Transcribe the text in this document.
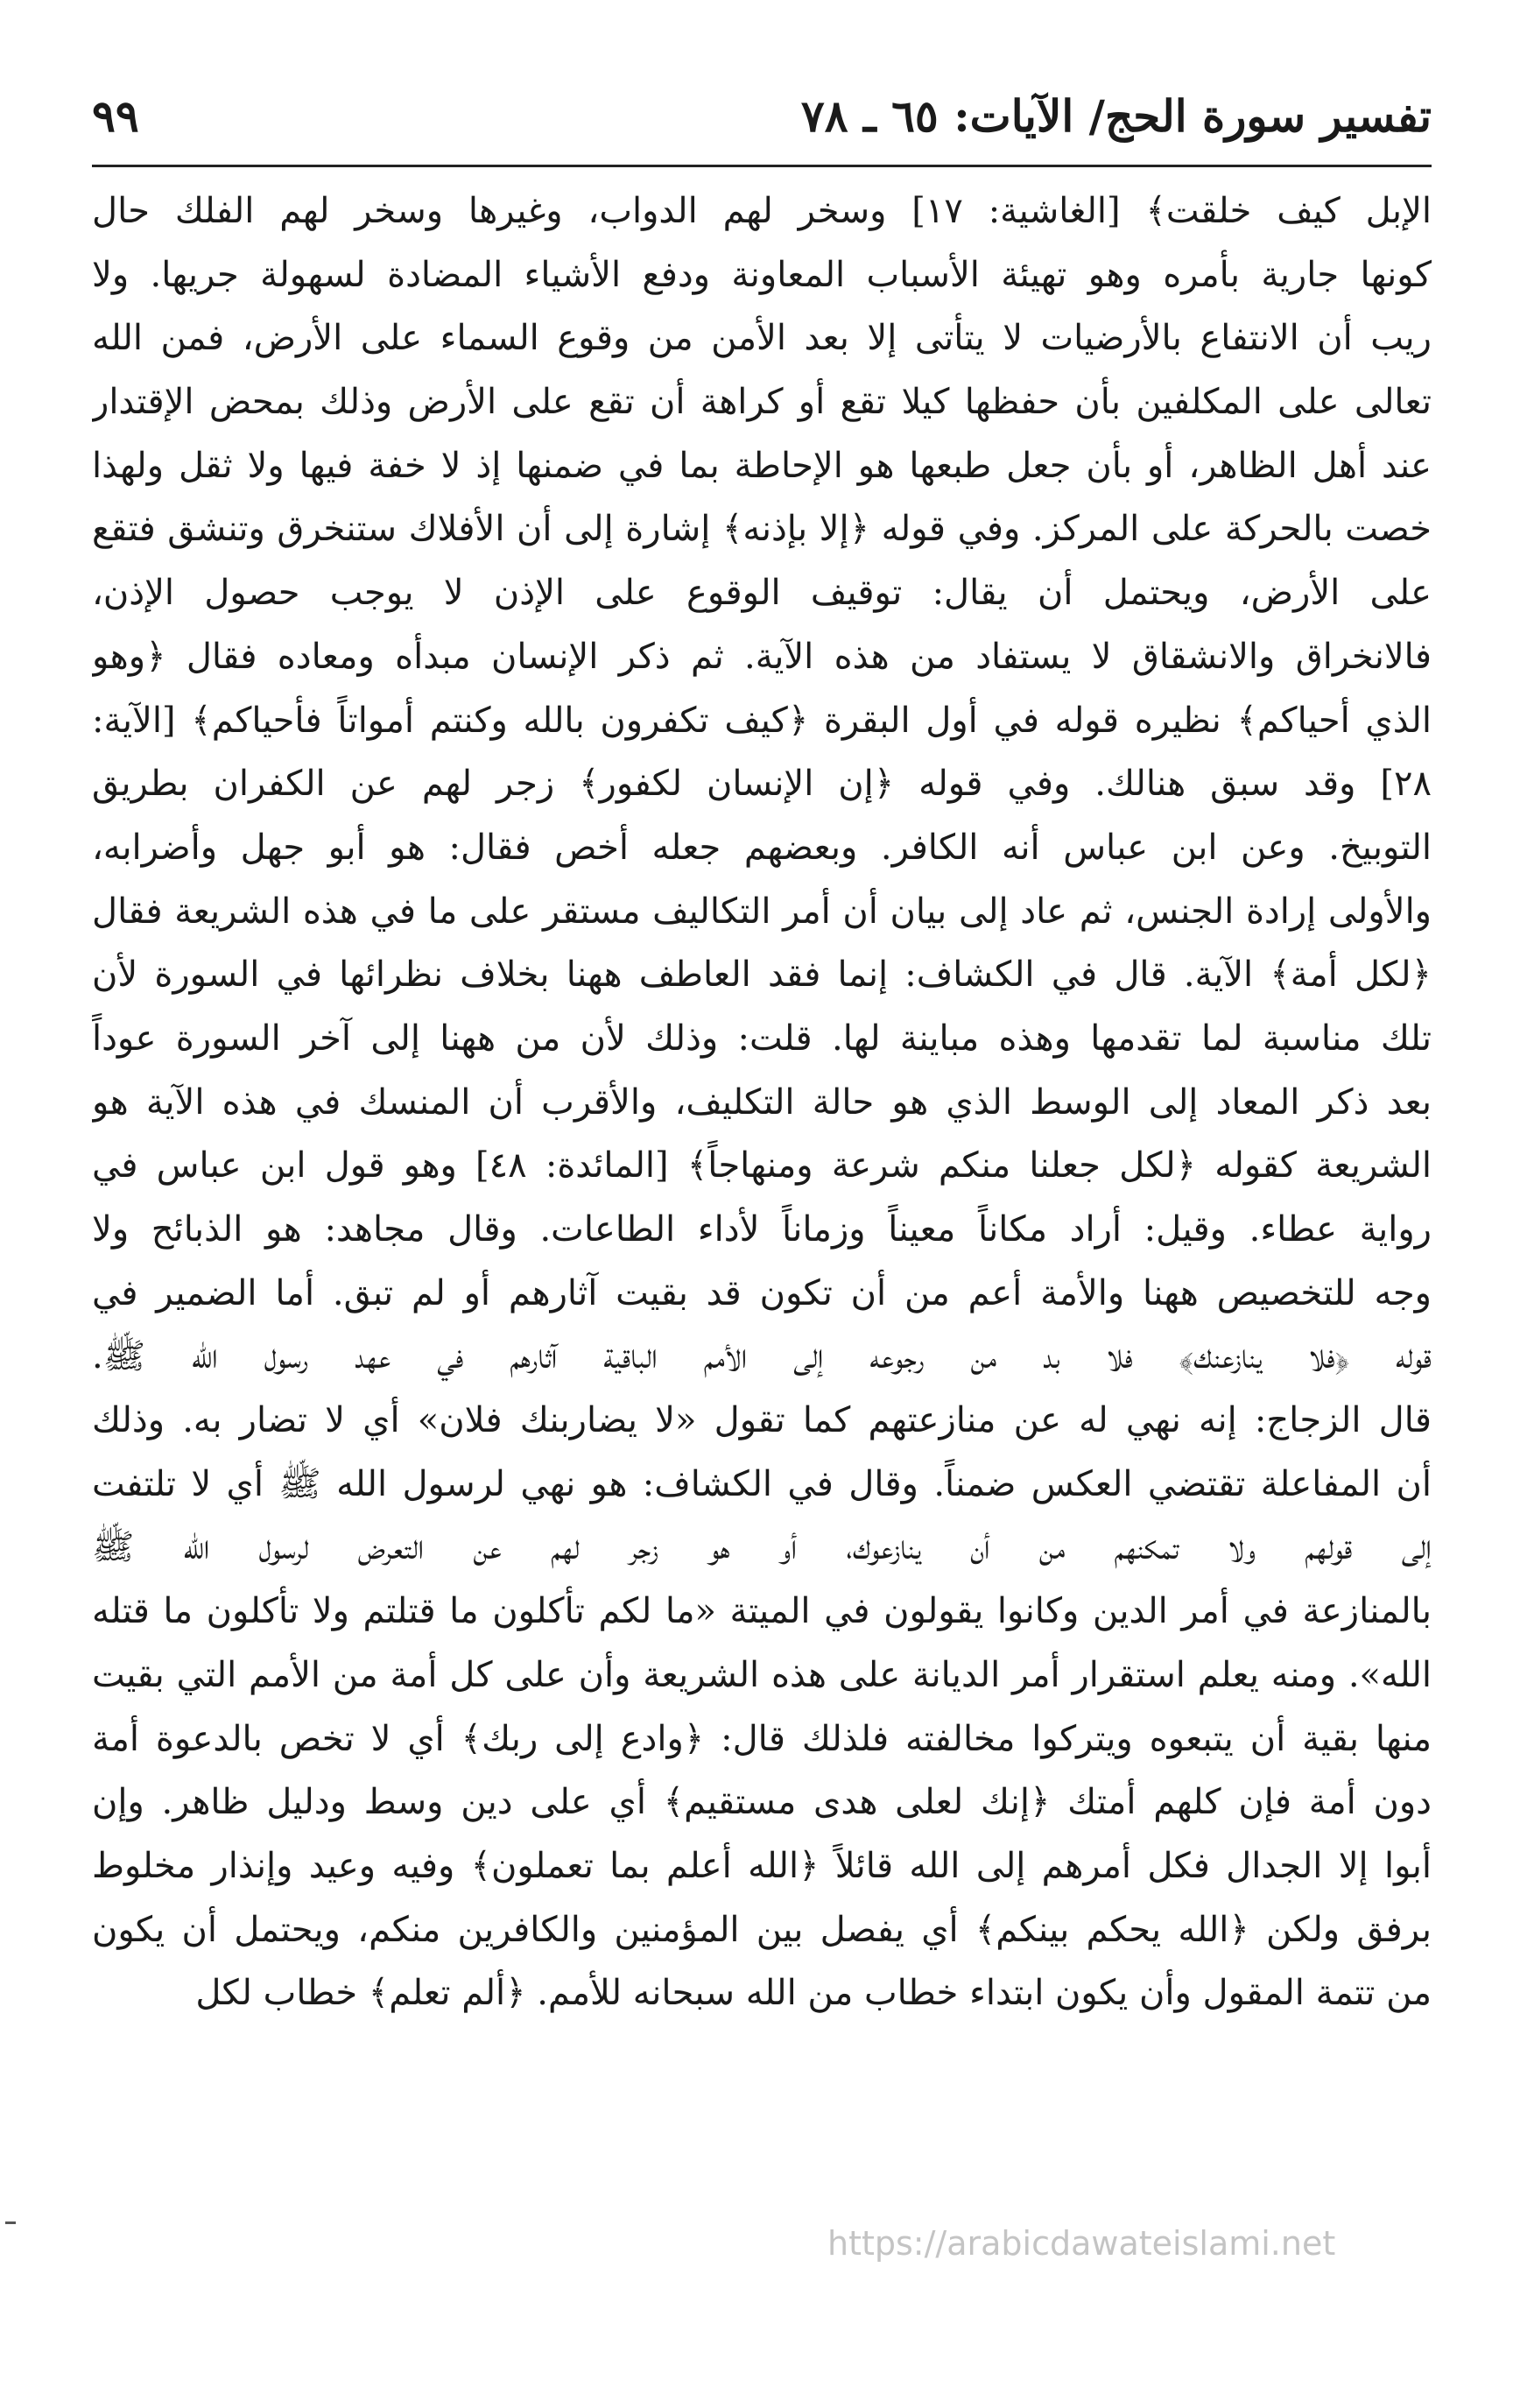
تفسير سورة الحج/ الآيات: ٦٥ ـ ٧٨
٩٩
الإبل كيف خلقت﴾ [الغاشية: ١٧] وسخر لهم الدواب، وغيرها وسخر لهم الفلك حال
كونها جارية بأمره وهو تهيئة الأسباب المعاونة ودفع الأشياء المضادة لسهولة جريها. ولا
ريب أن الانتفاع بالأرضيات لا يتأتى إلا بعد الأمن من وقوع السماء على الأرض، فمن الله
تعالى على المكلفين بأن حفظها كيلا تقع أو كراهة أن تقع على الأرض وذلك بمحض الإقتدار
عند أهل الظاهر، أو بأن جعل طبعها هو الإحاطة بما في ضمنها إذ لا خفة فيها ولا ثقل ولهذا
خصت بالحركة على المركز. وفي قوله ﴿إلا بإذنه﴾ إشارة إلى أن الأفلاك ستنخرق وتنشق فتقع
على الأرض، ويحتمل أن يقال: توقيف الوقوع على الإذن لا يوجب حصول الإذن،
فالانخراق والانشقاق لا يستفاد من هذه الآية. ثم ذكر الإنسان مبدأه ومعاده فقال ﴿وهو
الذي أحياكم﴾ نظيره قوله في أول البقرة ﴿كيف تكفرون بالله وكنتم أمواتاً فأحياكم﴾ [الآية:
٢٨] وقد سبق هنالك. وفي قوله ﴿إن الإنسان لكفور﴾ زجر لهم عن الكفران بطريق
التوبيخ. وعن ابن عباس أنه الكافر. وبعضهم جعله أخص فقال: هو أبو جهل وأضرابه،
والأولى إرادة الجنس، ثم عاد إلى بيان أن أمر التكاليف مستقر على ما في هذه الشريعة فقال
﴿لكل أمة﴾ الآية. قال في الكشاف: إنما فقد العاطف ههنا بخلاف نظرائها في السورة لأن
تلك مناسبة لما تقدمها وهذه مباينة لها. قلت: وذلك لأن من ههنا إلى آخر السورة عوداً
بعد ذكر المعاد إلى الوسط الذي هو حالة التكليف، والأقرب أن المنسك في هذه الآية هو
الشريعة كقوله ﴿لكل جعلنا منكم شرعة ومنهاجاً﴾ [المائدة: ٤٨] وهو قول ابن عباس في
رواية عطاء. وقيل: أراد مكاناً معيناً وزماناً لأداء الطاعات. وقال مجاهد: هو الذبائح ولا
وجه للتخصيص ههنا والأمة أعم من أن تكون قد بقيت آثارهم أو لم تبق. أما الضمير في
قوله ﴿فلا ينازعنك﴾ فلا بد من رجوعه إلى الأمم الباقية آثارهم في عهد رسول الله ﷺ.
قال الزجاج: إنه نهي له عن منازعتهم كما تقول «لا يضاربنك فلان» أي لا تضار به. وذلك
أن المفاعلة تقتضي العكس ضمناً. وقال في الكشاف: هو نهي لرسول الله ﷺ أي لا تلتفت
إلى قولهم ولا تمكنهم من أن ينازعوك، أو هو زجر لهم عن التعرض لرسول الله ﷺ
بالمنازعة في أمر الدين وكانوا يقولون في الميتة «ما لكم تأكلون ما قتلتم ولا تأكلون ما قتله
الله». ومنه يعلم استقرار أمر الديانة على هذه الشريعة وأن على كل أمة من الأمم التي بقيت
منها بقية أن يتبعوه ويتركوا مخالفته فلذلك قال: ﴿وادع إلى ربك﴾ أي لا تخص بالدعوة أمة
دون أمة فإن كلهم أمتك ﴿إنك لعلى هدى مستقيم﴾ أي على دين وسط ودليل ظاهر. وإن
أبوا إلا الجدال فكل أمرهم إلى الله قائلاً ﴿الله أعلم بما تعملون﴾ وفيه وعيد وإنذار مخلوط
برفق ولكن ﴿الله يحكم بينكم﴾ أي يفصل بين المؤمنين والكافرين منكم، ويحتمل أن يكون
من تتمة المقول وأن يكون ابتداء خطاب من الله سبحانه للأمم. ﴿ألم تعلم﴾ خطاب لكل
https://arabicdawateislami.net
